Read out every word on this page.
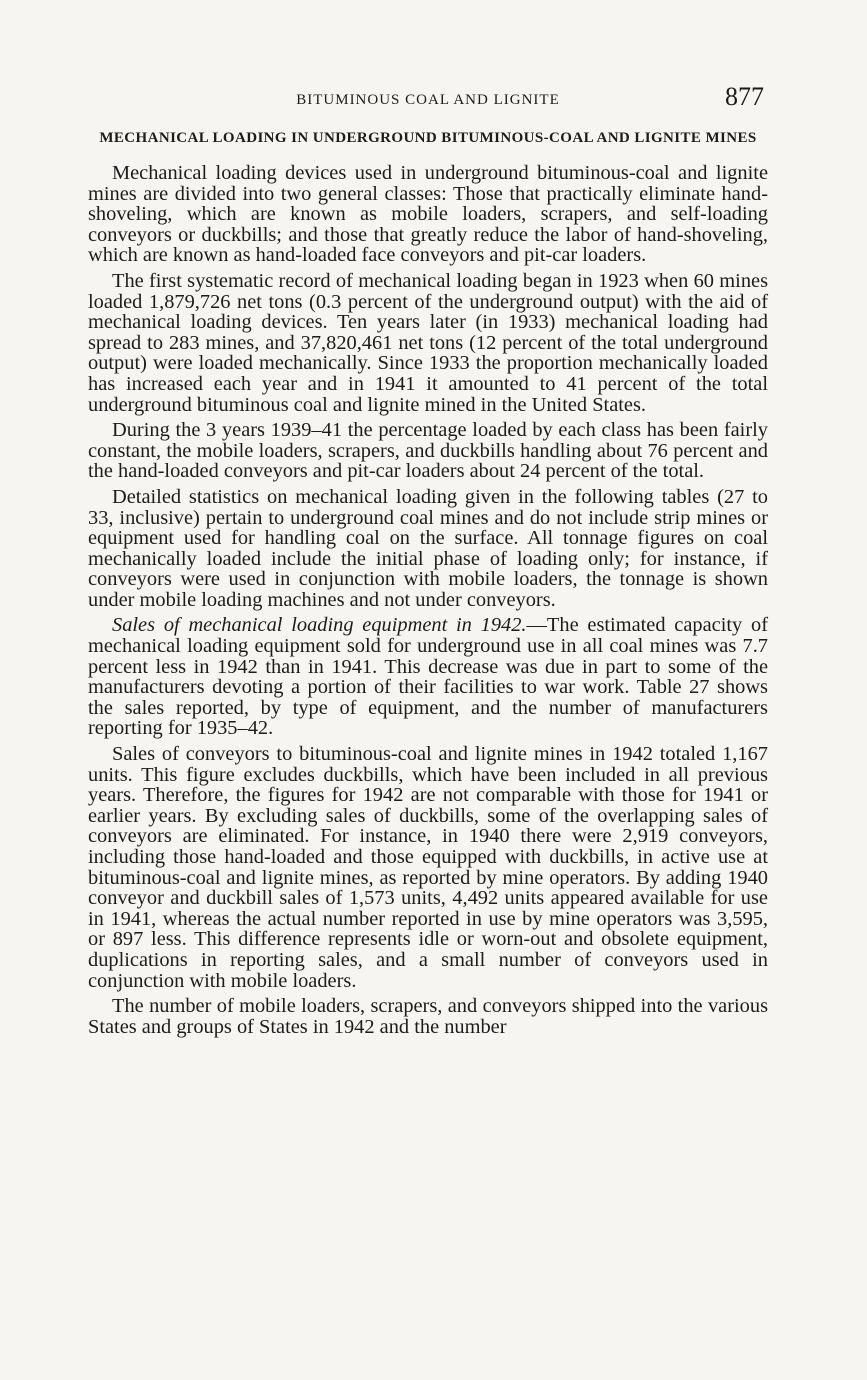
BITUMINOUS COAL AND LIGNITE	877
MECHANICAL LOADING IN UNDERGROUND BITUMINOUS-COAL AND LIGNITE MINES

Mechanical loading devices used in underground bituminous-coal and lignite mines are divided into two general classes: Those that practically eliminate hand-shoveling, which are known as mobile loaders, scrapers, and self-loading conveyors or duckbills; and those that greatly reduce the labor of hand-shoveling, which are known as hand-loaded face conveyors and pit-car loaders.

The first systematic record of mechanical loading began in 1923 when 60 mines loaded 1,879,726 net tons (0.3 percent of the underground output) with the aid of mechanical loading devices. Ten years later (in 1933) mechanical loading had spread to 283 mines, and 37,820,461 net tons (12 percent of the total underground output) were loaded mechanically. Since 1933 the proportion mechanically loaded has increased each year and in 1941 it amounted to 41 percent of the total underground bituminous coal and lignite mined in the United States.

During the 3 years 1939–41 the percentage loaded by each class has been fairly constant, the mobile loaders, scrapers, and duckbills handling about 76 percent and the hand-loaded conveyors and pit-car loaders about 24 percent of the total.

Detailed statistics on mechanical loading given in the following tables (27 to 33, inclusive) pertain to underground coal mines and do not include strip mines or equipment used for handling coal on the surface. All tonnage figures on coal mechanically loaded include the initial phase of loading only; for instance, if conveyors were used in conjunction with mobile loaders, the tonnage is shown under mobile loading machines and not under conveyors.

Sales of mechanical loading equipment in 1942.—The estimated capacity of mechanical loading equipment sold for underground use in all coal mines was 7.7 percent less in 1942 than in 1941. This decrease was due in part to some of the manufacturers devoting a portion of their facilities to war work. Table 27 shows the sales reported, by type of equipment, and the number of manufacturers reporting for 1935–42.

Sales of conveyors to bituminous-coal and lignite mines in 1942 totaled 1,167 units. This figure excludes duckbills, which have been included in all previous years. Therefore, the figures for 1942 are not comparable with those for 1941 or earlier years. By excluding sales of duckbills, some of the overlapping sales of conveyors are eliminated. For instance, in 1940 there were 2,919 conveyors, including those hand-loaded and those equipped with duckbills, in active use at bituminous-coal and lignite mines, as reported by mine operators. By adding 1940 conveyor and duckbill sales of 1,573 units, 4,492 units appeared available for use in 1941, whereas the actual number reported in use by mine operators was 3,595, or 897 less. This difference represents idle or worn-out and obsolete equipment, duplications in reporting sales, and a small number of conveyors used in conjunction with mobile loaders.

The number of mobile loaders, scrapers, and conveyors shipped into the various States and groups of States in 1942 and the number
